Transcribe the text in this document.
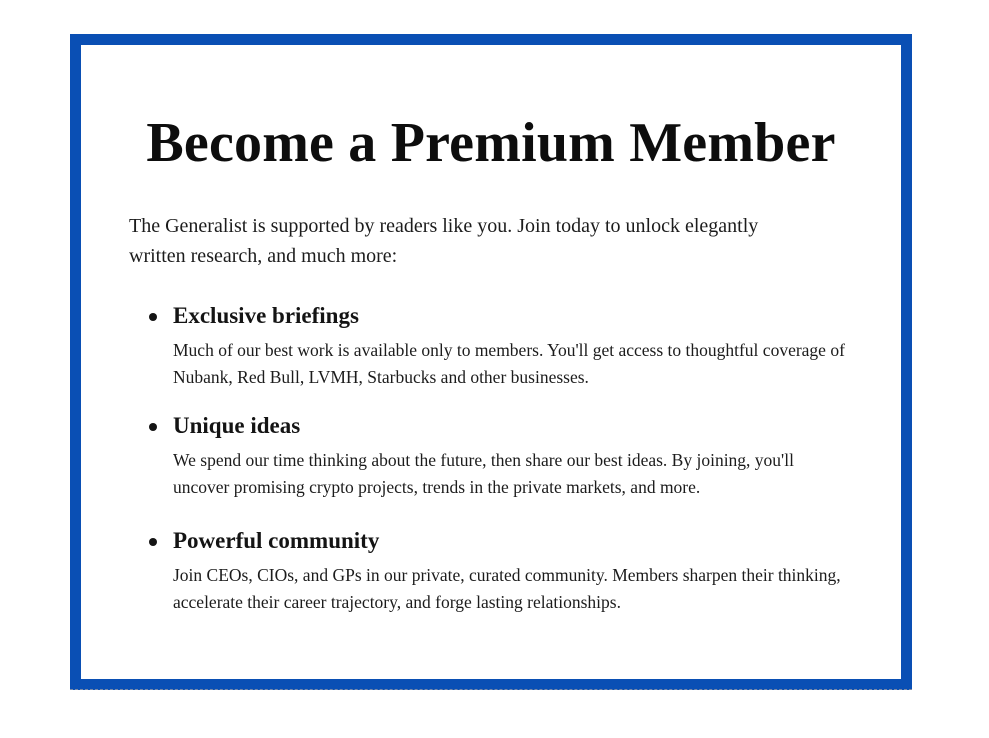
Become a Premium Member

The Generalist is supported by readers like you. Join today to unlock elegantly written research, and much more:

Exclusive briefings

Much of our best work is available only to members. You'll get access to thoughtful coverage of Nubank, Red Bull, LVMH, Starbucks and other businesses.

Unique ideas

We spend our time thinking about the future, then share our best ideas. By joining, you'll uncover promising crypto projects, trends in the private markets, and more.

Powerful community

Join CEOs, CIOs, and GPs in our private, curated community. Members sharpen their thinking, accelerate their career trajectory, and forge lasting relationships.
